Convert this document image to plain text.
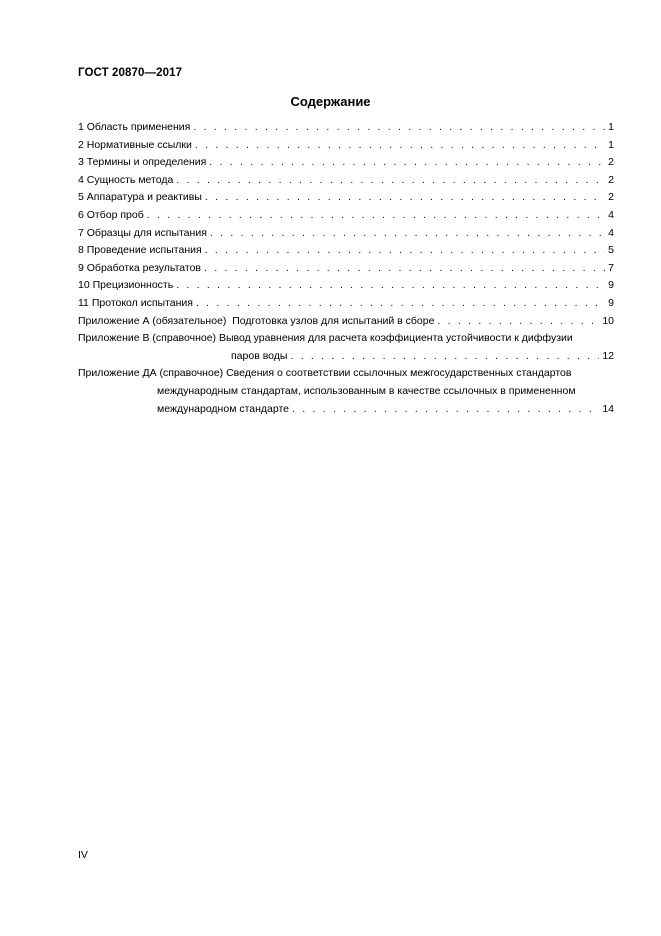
ГОСТ 20870—2017
Содержание
1 Область применения . . .	1
2 Нормативные ссылки . . .	1
3 Термины и определения . . .	2
4 Сущность метода . . .	2
5 Аппаратура и реактивы . . .	2
6 Отбор проб . . .	4
7 Образцы для испытания . . .	4
8 Проведение испытания . . .	5
9 Обработка результатов . . .	7
10 Прецизионность . . .	9
11 Протокол испытания . . .	9
Приложение А (обязательное) Подготовка узлов для испытаний в сборе . . .	10
Приложение В (справочное)
Вывод уравнения для расчета коэффициента устойчивости к диффузии
паров воды . . .	12
Приложение ДА (справочное)
Сведения о соответствии ссылочных межгосударственных стандартов
международным стандартам, использованным в качестве ссылочных в примененном
международном стандарте . . .	14
IV
